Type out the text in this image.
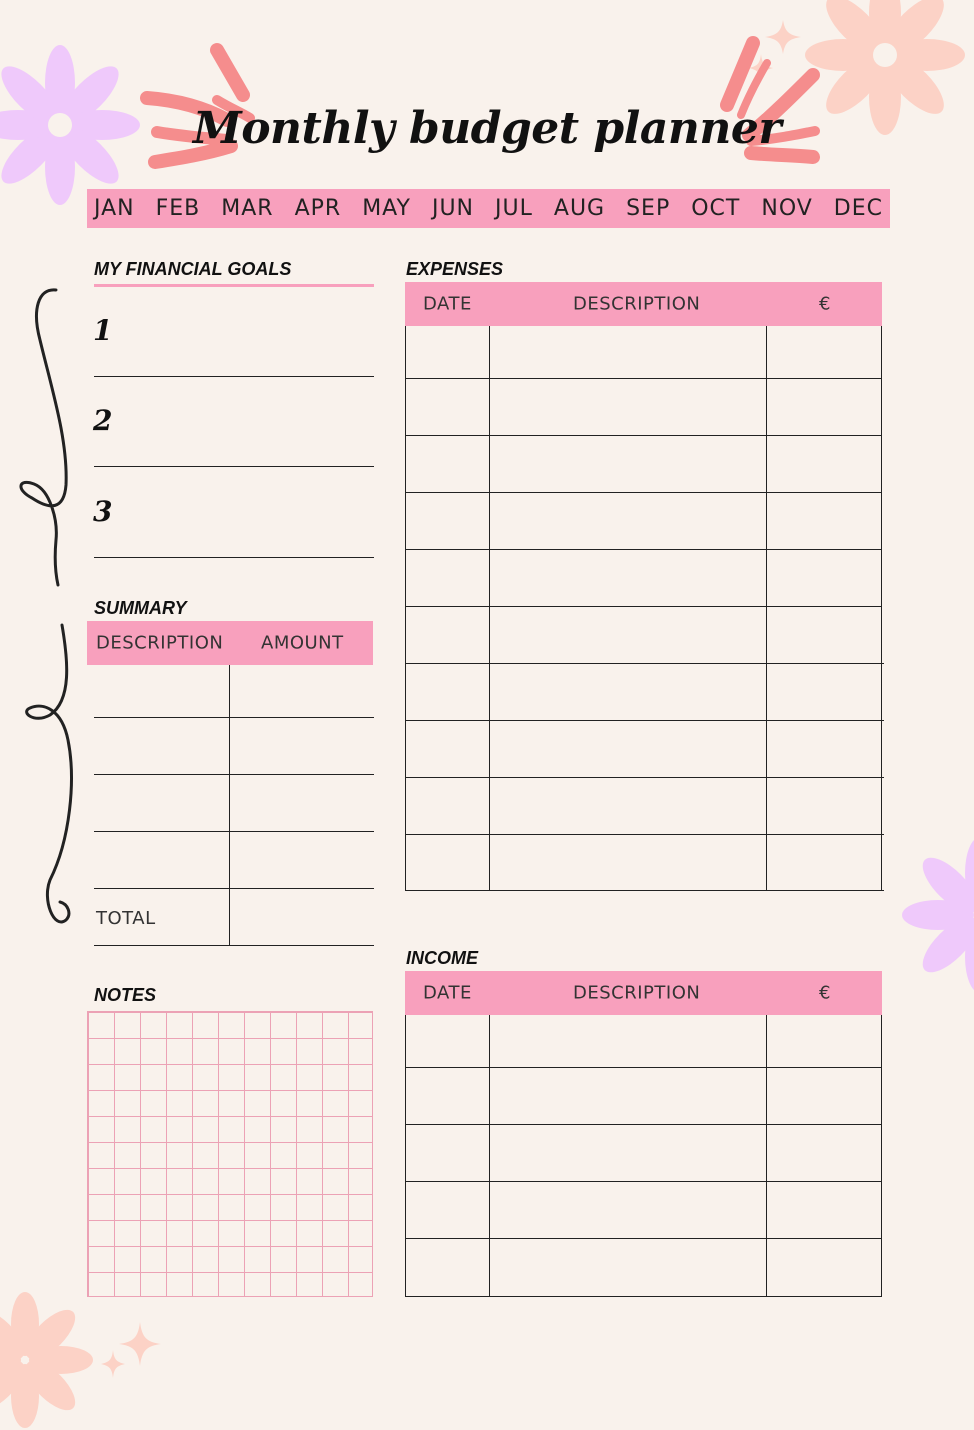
Monthly budget planner
JAN FEB MAR APR MAY JUN JUL AUG SEP OCT NOV DEC
MY FINANCIAL GOALS
1
2
3
SUMMARY
DESCRIPTION AMOUNT
TOTAL
NOTES
EXPENSES
DATE	DESCRIPTION	€
INCOME
DATE	DESCRIPTION	€
